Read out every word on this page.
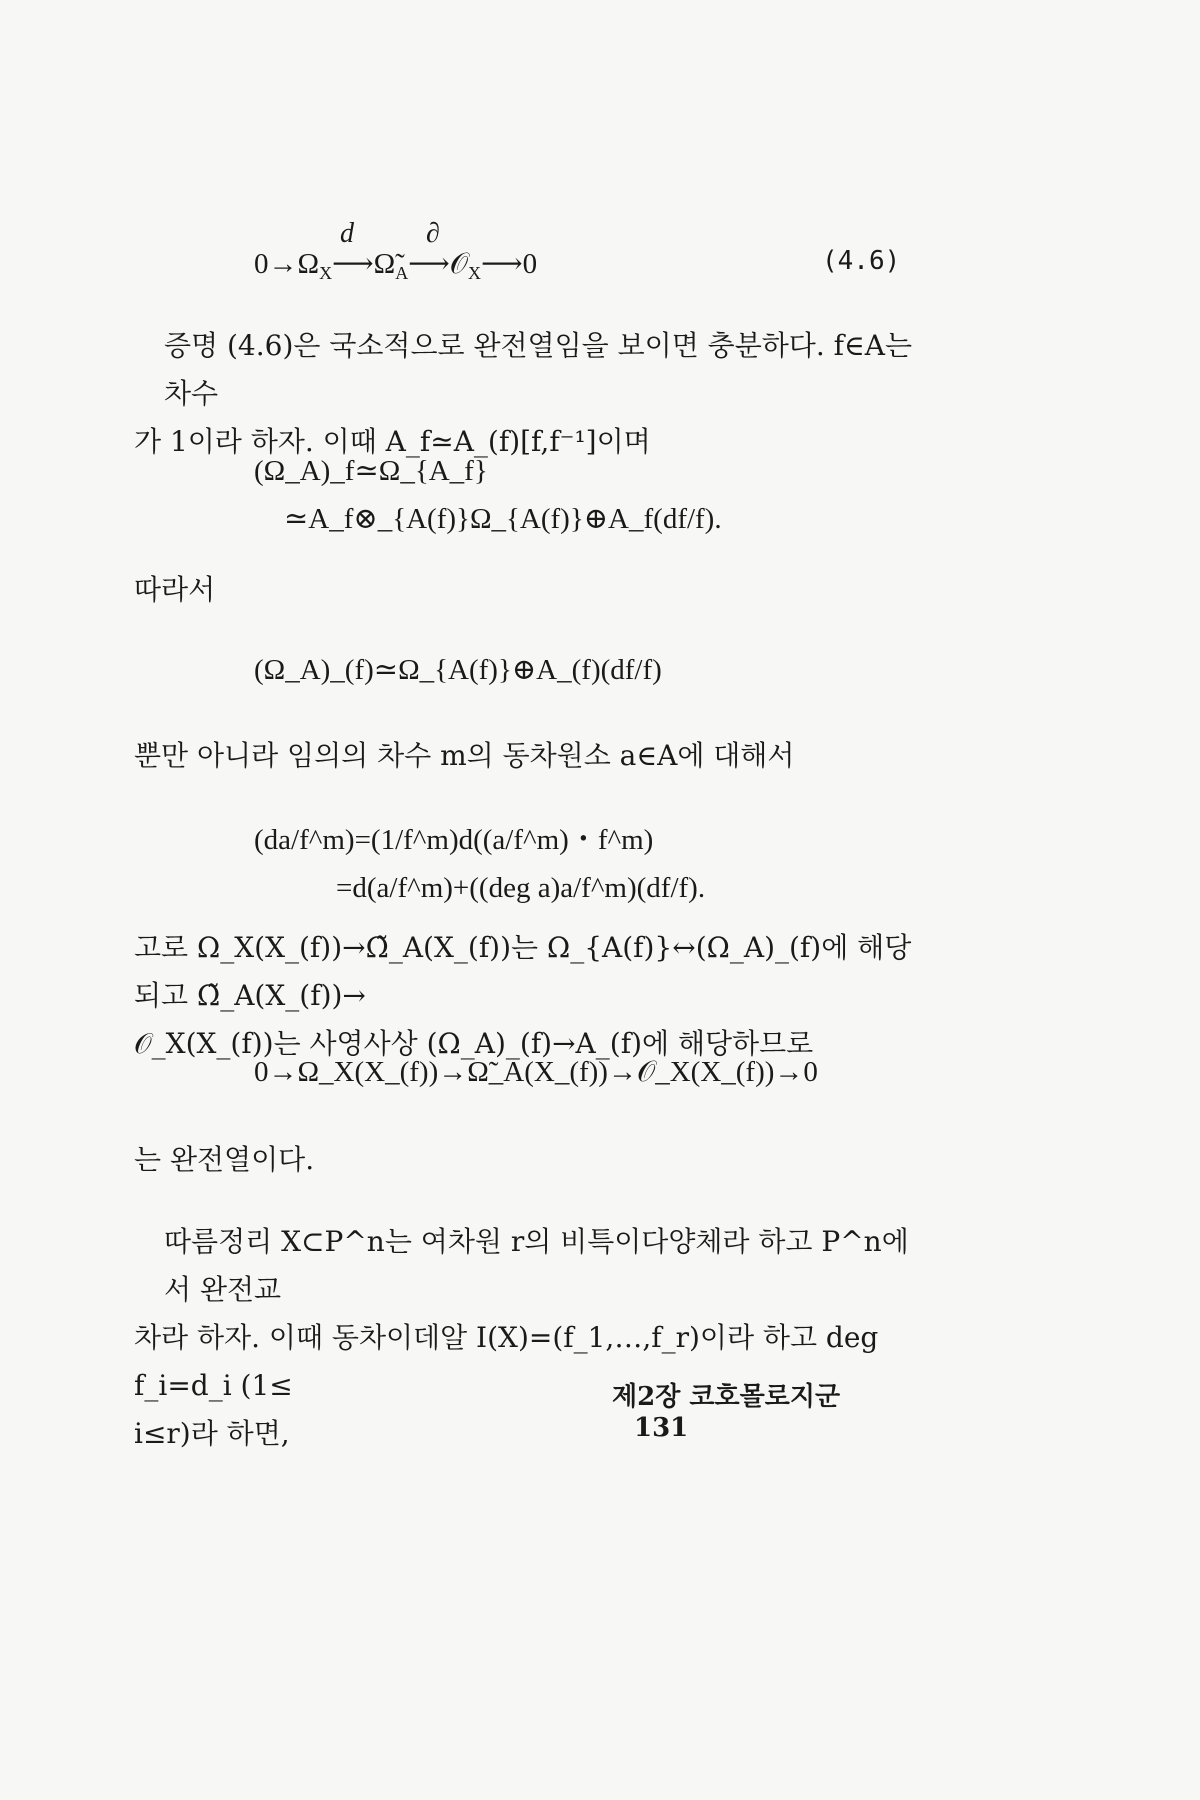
d	∂
$0\to\Omega_X⟶\Omegã_A⟶𝒪_X⟶0$	(4.6)
증명 (4.6)은 국소적으로 완전열임을 보이면 충분하다. f∈A는 차수
가 1이라 하자. 이때 A_f≃A_(f)[f,f⁻¹]이며
(Ω_A)_f≃Ω_{A_f}
≃A_f⊗_{A(f)}Ω_{A(f)}⊕A_f(df/f).
따라서
(Ω_A)_(f)≃Ω_{A(f)}⊕A_(f)(df/f)
뿐만 아니라 임의의 차수 m의 동차원소 a∈A에 대해서
(da/f^m)=(1/f^m)d((a/f^m)・f^m)
=d(a/f^m)+((deg a)a/f^m)(df/f).
고로 Ω_X(X_(f))→Ω̃_A(X_(f))는 Ω_{A(f)}↔(Ω_A)_(f)에 해당되고 Ω̃_A(X_(f))→
𝒪_X(X_(f))는 사영사상 (Ω_A)_(f)→A_(f)에 해당하므로
0→Ω_X(X_(f))→Ω̃_A(X_(f))→𝒪_X(X_(f))→0
는 완전열이다.
따름정리 X⊂P^n는 여차원 r의 비특이다양체라 하고 P^n에서 완전교
차라 하자. 이때 동차이데알 I(X)=(f_1,…,f_r)이라 하고 deg f_i=d_i (1≤
i≤r)라 하면,
제2장 코호몰로지군 131
